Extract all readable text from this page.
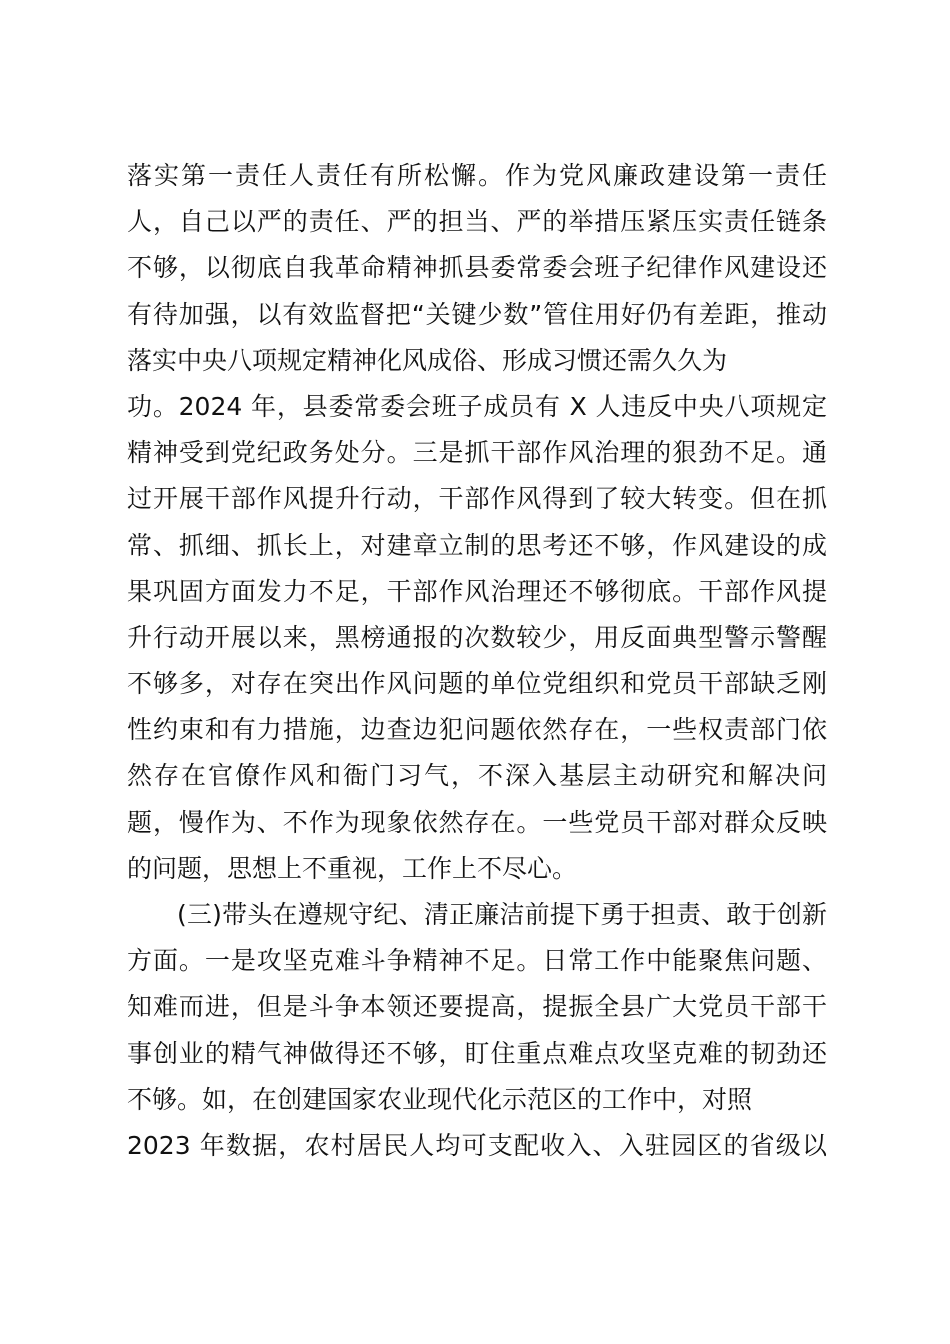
落实第一责任人责任有所松懈。作为党风廉政建设第一责任
人，自己以严的责任、严的担当、严的举措压紧压实责任链条
不够，以彻底自我革命精神抓县委常委会班子纪律作风建设还
有待加强，以有效监督把“关键少数”管住用好仍有差距，推动
落实中央八项规定精神化风成俗、形成习惯还需久久为
功。2024 年，县委常委会班子成员有 X 人违反中央八项规定
精神受到党纪政务处分。三是抓干部作风治理的狠劲不足。通
过开展干部作风提升行动，干部作风得到了较大转变。但在抓
常、抓细、抓长上，对建章立制的思考还不够，作风建设的成
果巩固方面发力不足，干部作风治理还不够彻底。干部作风提
升行动开展以来，黑榜通报的次数较少，用反面典型警示警醒
不够多，对存在突出作风问题的单位党组织和党员干部缺乏刚
性约束和有力措施，边查边犯问题依然存在，一些权责部门依
然存在官僚作风和衙门习气，不深入基层主动研究和解决问
题，慢作为、不作为现象依然存在。一些党员干部对群众反映
的问题，思想上不重视，工作上不尽心。
(三)带头在遵规守纪、清正廉洁前提下勇于担责、敢于创新
方面。一是攻坚克难斗争精神不足。日常工作中能聚焦问题、
知难而进，但是斗争本领还要提高，提振全县广大党员干部干
事创业的精气神做得还不够，盯住重点难点攻坚克难的韧劲还
不够。如，在创建国家农业现代化示范区的工作中，对照
2023 年数据，农村居民人均可支配收入、入驻园区的省级以
